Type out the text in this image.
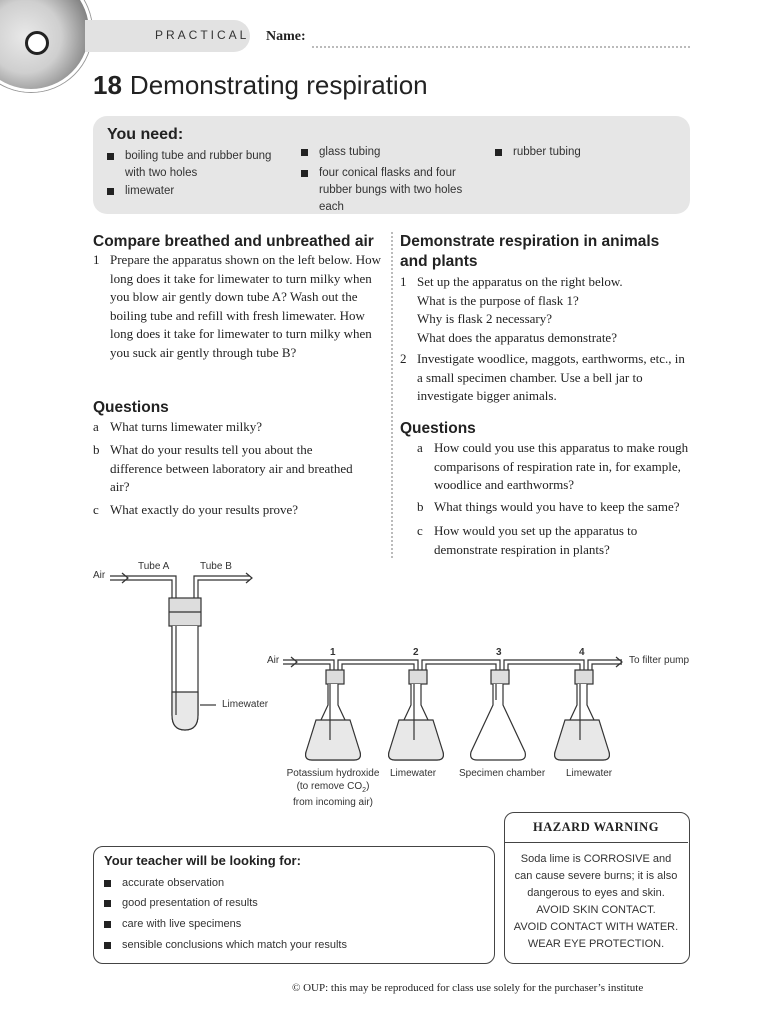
PRACTICAL Name:
18 Demonstrating respiration
You need:
boiling tube and rubber bung with two holes
limewater
glass tubing
four conical flasks and four rubber bungs with two holes each
rubber tubing
Compare breathed and unbreathed air
1 Prepare the apparatus shown on the left below. How long does it take for limewater to turn milky when you blow air gently down tube A? Wash out the boiling tube and refill with fresh limewater. How long does it take for limewater to turn milky when you suck air gently through tube B?
Questions
a What turns limewater milky?
b What do your results tell you about the difference between laboratory air and breathed air?
c What exactly do your results prove?
Demonstrate respiration in animals and plants
1 Set up the apparatus on the right below.
What is the purpose of flask 1?
Why is flask 2 necessary?
What does the apparatus demonstrate?
2 Investigate woodlice, maggots, earthworms, etc., in a small specimen chamber. Use a bell jar to investigate bigger animals.
Questions
a How could you use this apparatus to make rough comparisons of respiration rate in, for example, woodlice and earthworms?
b What things would you have to keep the same?
c How would you set up the apparatus to demonstrate respiration in plants?
Air
Tube A	Tube B
Limewater
Air	To filter pump
1	2	3	4
Potassium hydroxide
(to remove $CO_2$)
from incoming air)
Limewater Specimen chamber Limewater
Your teacher will be looking for:
accurate observation
good presentation of results
care with live specimens
sensible conclusions which match your results
HAZARD WARNING
Soda lime is CORROSIVE and
can cause severe burns; it is also
dangerous to eyes and skin.
AVOID SKIN CONTACT.
AVOID CONTACT WITH WATER.
WEAR EYE PROTECTION.
© OUP: this may be reproduced for class use solely for the purchaser’s institute
